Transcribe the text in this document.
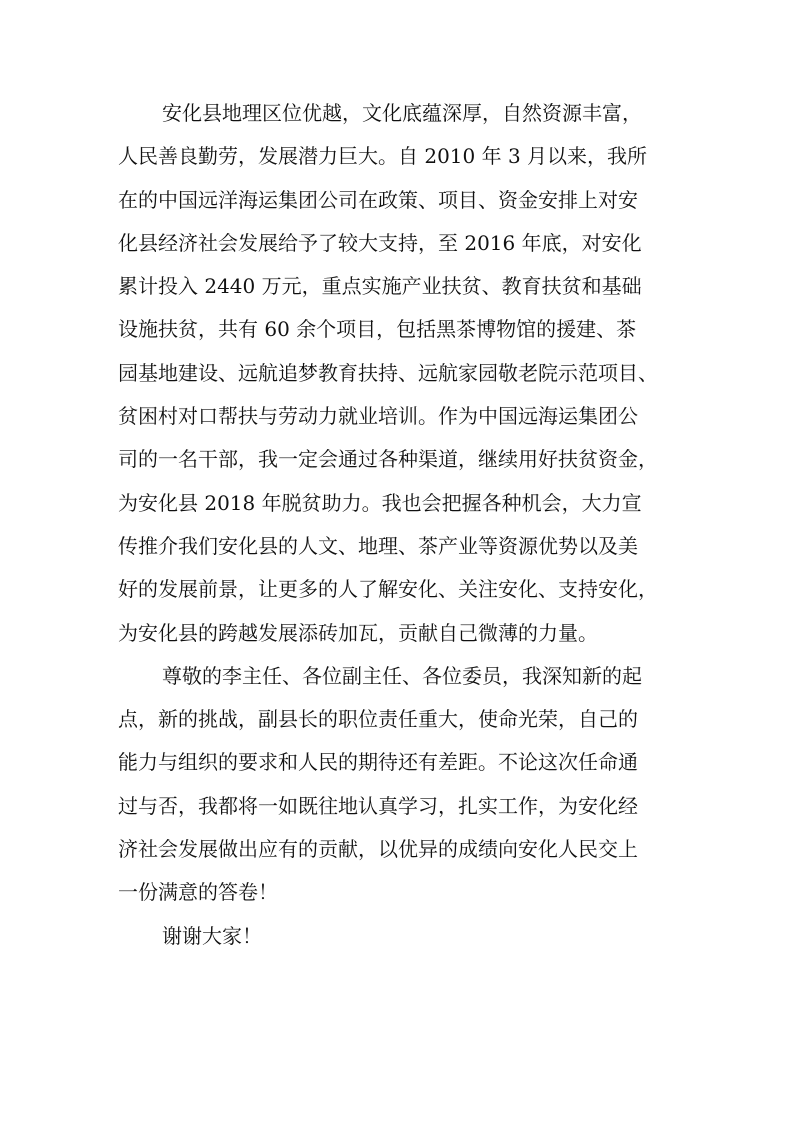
安化县地理区位优越，文化底蕴深厚，自然资源丰富，
人民善良勤劳，发展潜力巨大。自 2010 年 3 月以来，我所
在的中国远洋海运集团公司在政策、项目、资金安排上对安
化县经济社会发展给予了较大支持，至 2016 年底，对安化
累计投入 2440 万元，重点实施产业扶贫、教育扶贫和基础
设施扶贫，共有 60 余个项目，包括黑茶博物馆的援建、茶
园基地建设、远航追梦教育扶持、远航家园敬老院示范项目、
贫困村对口帮扶与劳动力就业培训。作为中国远海运集团公
司的一名干部，我一定会通过各种渠道，继续用好扶贫资金，
为安化县 2018 年脱贫助力。我也会把握各种机会，大力宣
传推介我们安化县的人文、地理、茶产业等资源优势以及美
好的发展前景，让更多的人了解安化、关注安化、支持安化，
为安化县的跨越发展添砖加瓦，贡献自己微薄的力量。
尊敬的李主任、各位副主任、各位委员，我深知新的起
点，新的挑战，副县长的职位责任重大，使命光荣，自己的
能力与组织的要求和人民的期待还有差距。不论这次任命通
过与否，我都将一如既往地认真学习，扎实工作，为安化经
济社会发展做出应有的贡献，以优异的成绩向安化人民交上
一份满意的答卷！
谢谢大家！
